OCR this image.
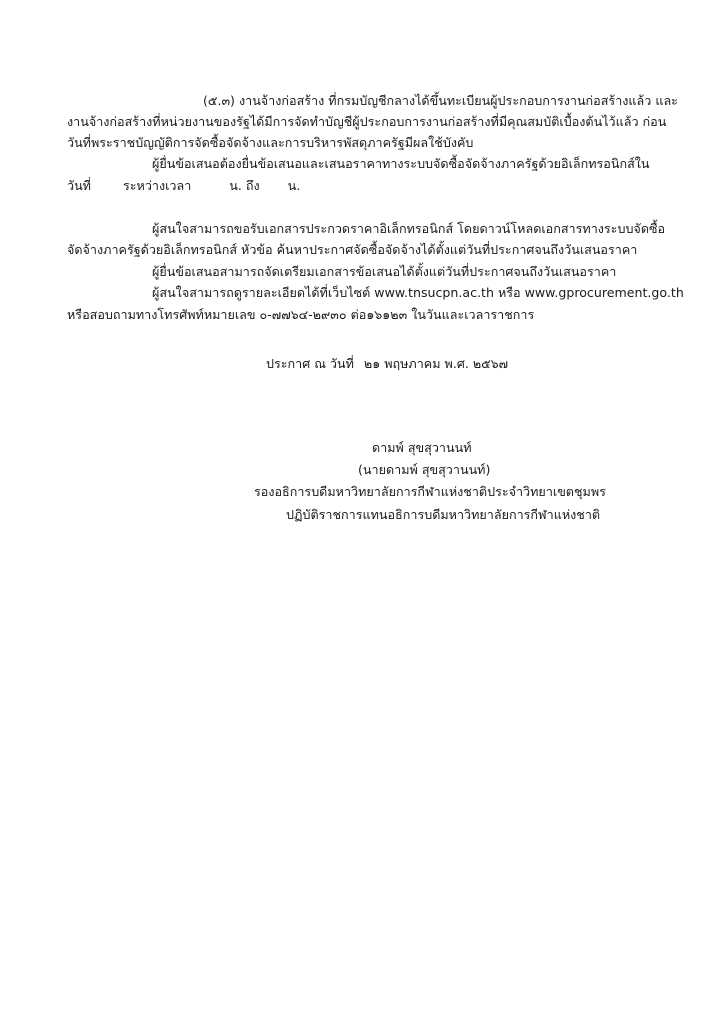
(๕.๓) งานจ้างก่อสร้าง ที่กรมบัญชีกลางได้ขึ้นทะเบียนผู้ประกอบการงานก่อสร้างแล้ว และ
งานจ้างก่อสร้างที่หน่วยงานของรัฐได้มีการจัดทำบัญชีผู้ประกอบการงานก่อสร้างที่มีคุณสมบัติเบื้องต้นไว้แล้ว ก่อน
วันที่พระราชบัญญัติการจัดซื้อจัดจ้างและการบริหารพัสดุภาครัฐมีผลใช้บังคับ
ผู้ยื่นข้อเสนอต้องยื่นข้อเสนอและเสนอราคาทางระบบจัดซื้อจัดจ้างภาครัฐด้วยอิเล็กทรอนิกส์ใน
วันที่	ระหว่างเวลา	น. ถึง น.
ผู้สนใจสามารถขอรับเอกสารประกวดราคาอิเล็กทรอนิกส์ โดยดาวน์โหลดเอกสารทางระบบจัดซื้อ
จัดจ้างภาครัฐด้วยอิเล็กทรอนิกส์ หัวข้อ ค้นหาประกาศจัดซื้อจัดจ้างได้ตั้งแต่วันที่ประกาศจนถึงวันเสนอราคา
ผู้ยื่นข้อเสนอสามารถจัดเตรียมเอกสารข้อเสนอได้ตั้งแต่วันที่ประกาศจนถึงวันเสนอราคา
ผู้สนใจสามารถดูรายละเอียดได้ที่เว็บไซต์ www.tnsucpn.ac.th หรือ www.gprocurement.go.th
หรือสอบถามทางโทรศัพท์หมายเลข ๐-๗๗๖๔-๒๙๓๐ ต่อ๑๖๑๒๓ ในวันและเวลาราชการ
ประกาศ ณ วันที่ ๒๑ พฤษภาคม พ.ศ. ๒๕๖๗
ดามพ์ สุขสุวานนท์
(นายดามพ์ สุขสุวานนท์)
รองอธิการบดีมหาวิทยาลัยการกีฬาแห่งชาติประจำวิทยาเขตชุมพร
ปฏิบัติราชการแทนอธิการบดีมหาวิทยาลัยการกีฬาแห่งชาติ
